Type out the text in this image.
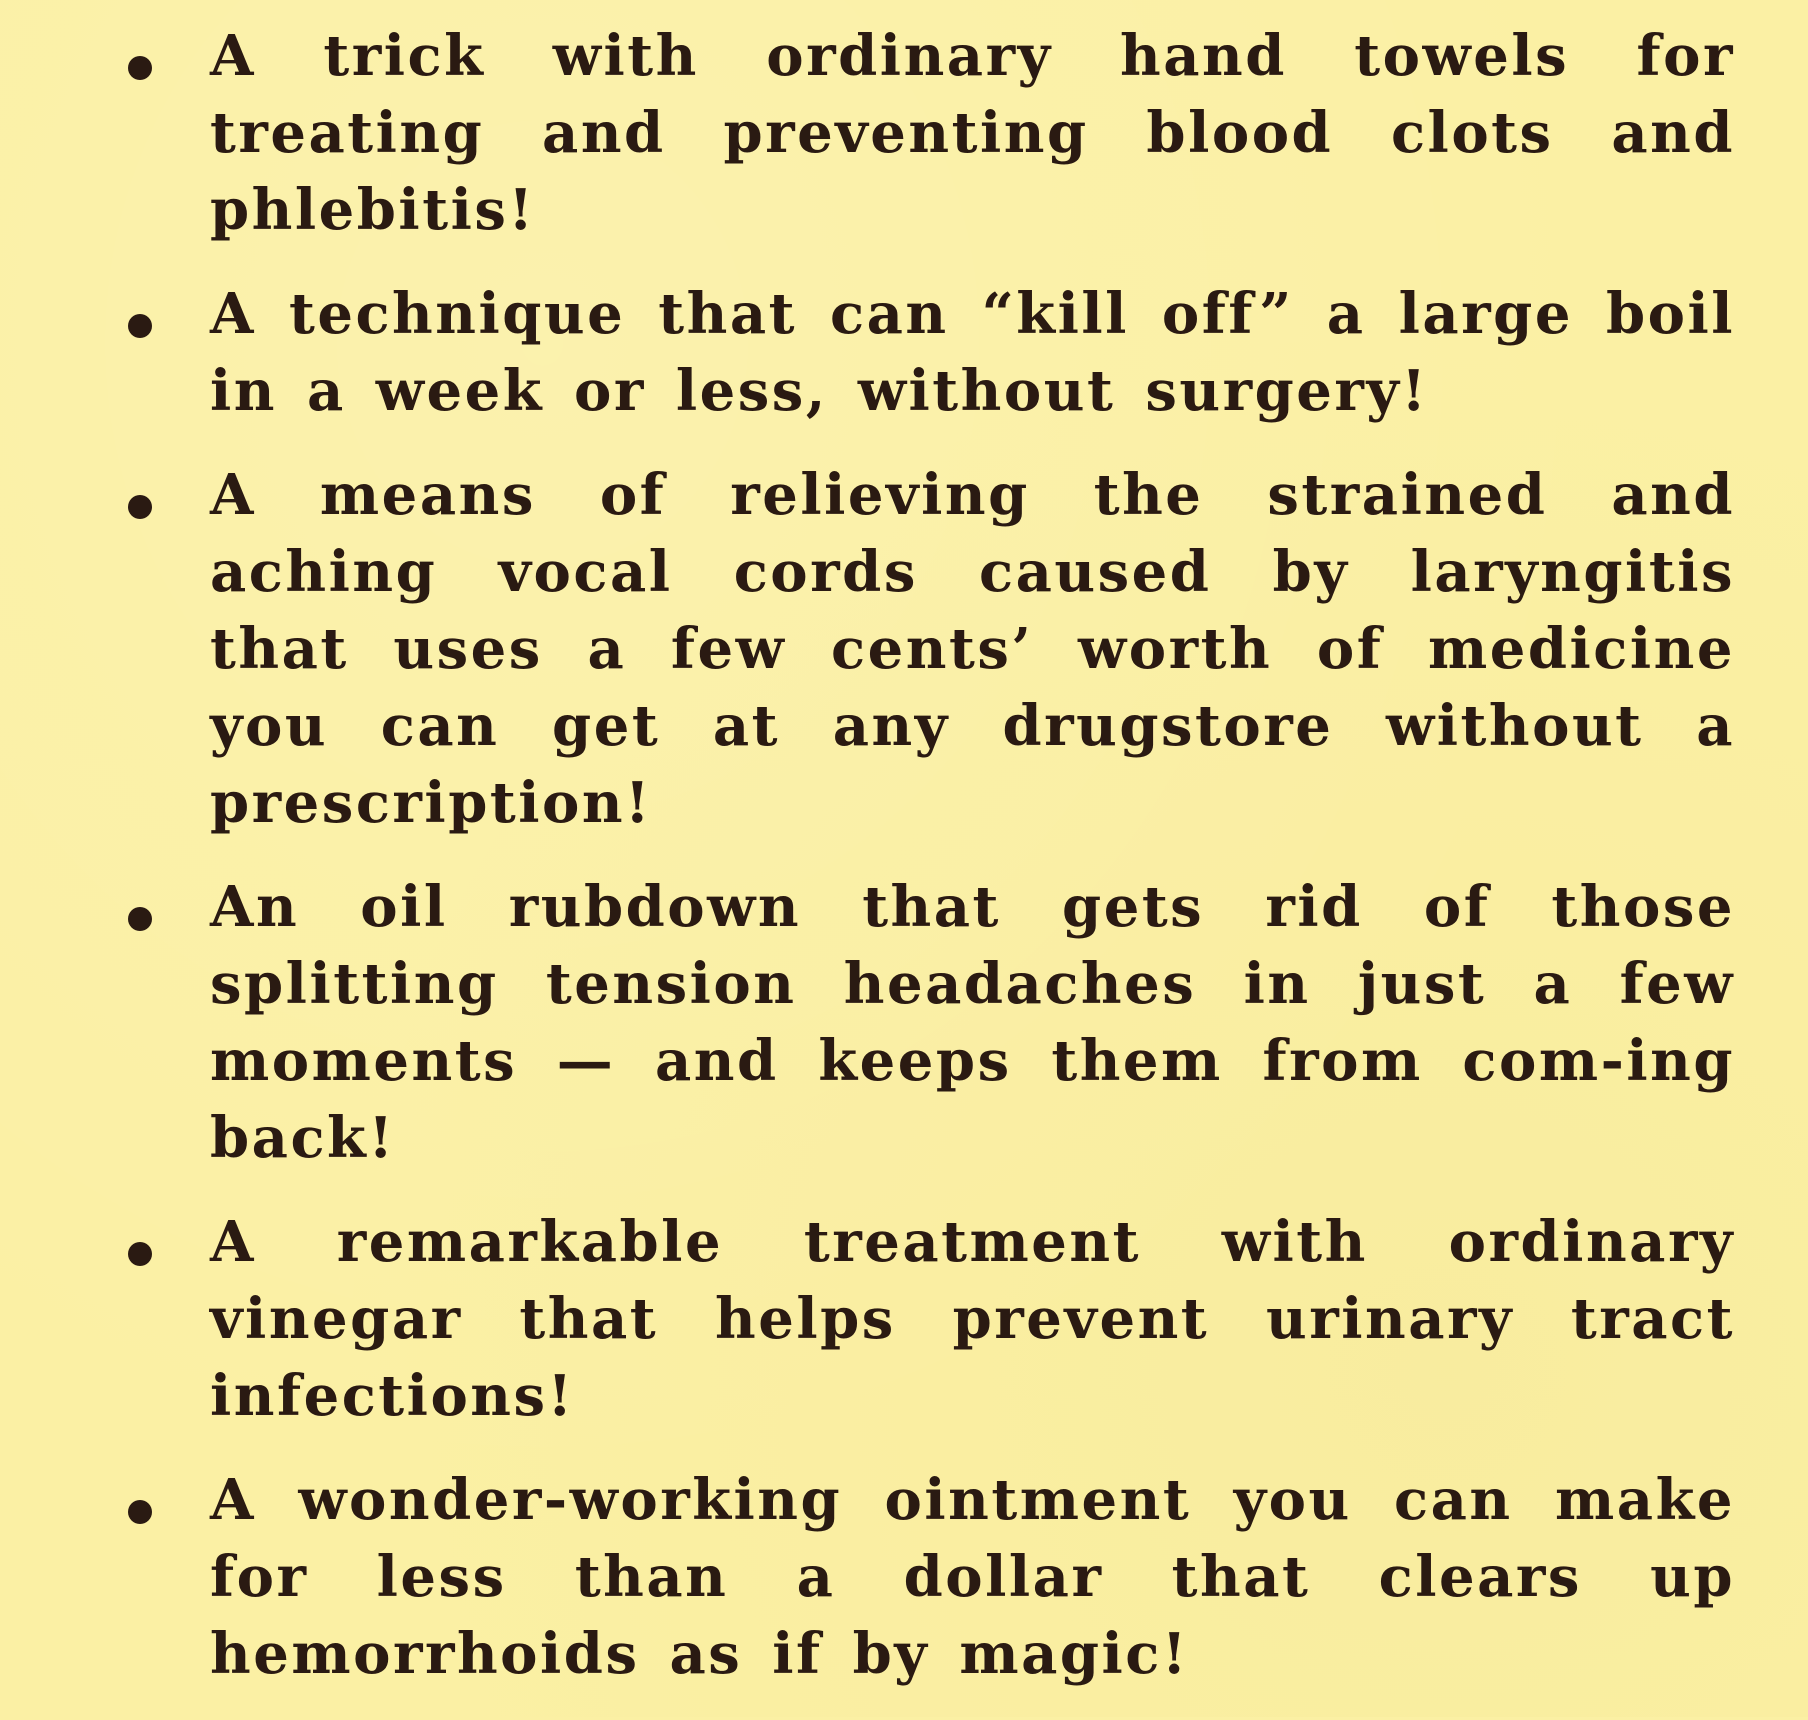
A trick with ordinary hand towels for treating and preventing blood clots and phlebitis!
A technique that can “kill off” a large boil in a week or less, without surgery!
A means of relieving the strained and aching vocal cords caused by laryngitis that uses a few cents’ worth of medicine you can get at any drugstore without a prescription!
An oil rubdown that gets rid of those splitting tension headaches in just a few moments — and keeps them from com-ing back!
A remarkable treatment with ordinary vinegar that helps prevent urinary tract infections!
A wonder-working ointment you can make for less than a dollar that clears up hemorrhoids as if by magic!
